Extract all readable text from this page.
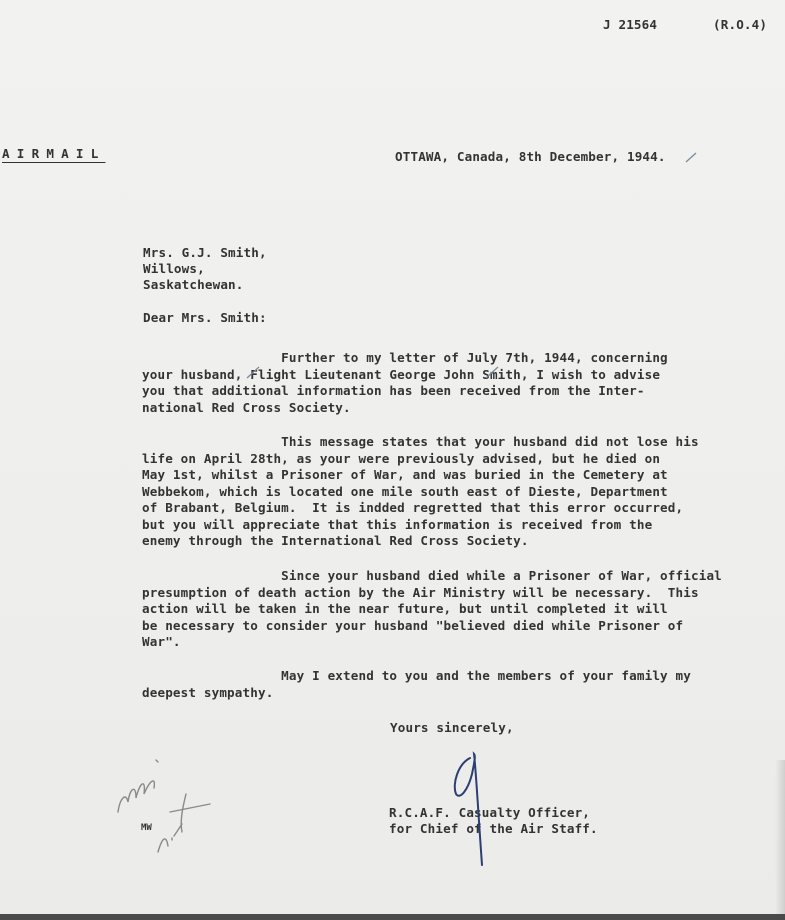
J 21564	(R.O.4)
AIRMAIL	OTTAWA, Canada, 8th December, 1944.
Mrs. G.J. Smith,
Willows,
Saskatchewan.
Dear Mrs. Smith:
Further to my letter of July 7th, 1944, concerning
your husband, Flight Lieutenant George John Smith, I wish to advise
you that additional information has been received from the Inter-
national Red Cross Society.
This message states that your husband did not lose his
life on April 28th, as your were previously advised, but he died on
May 1st, whilst a Prisoner of War, and was buried in the Cemetery at
Webbekom, which is located one mile south east of Dieste, Department
of Brabant, Belgium.  It is indded regretted that this error occurred,
but you will appreciate that this information is received from the
enemy through the International Red Cross Society.
Since your husband died while a Prisoner of War, official
presumption of death action by the Air Ministry will be necessary.  This
action will be taken in the near future, but until completed it will
be necessary to consider your husband "believed died while Prisoner of
War".
May I extend to you and the members of your family my
deepest sympathy.
Yours sincerely,
R.C.A.F. Casualty Officer,
for Chief of the Air Staff.
MW
